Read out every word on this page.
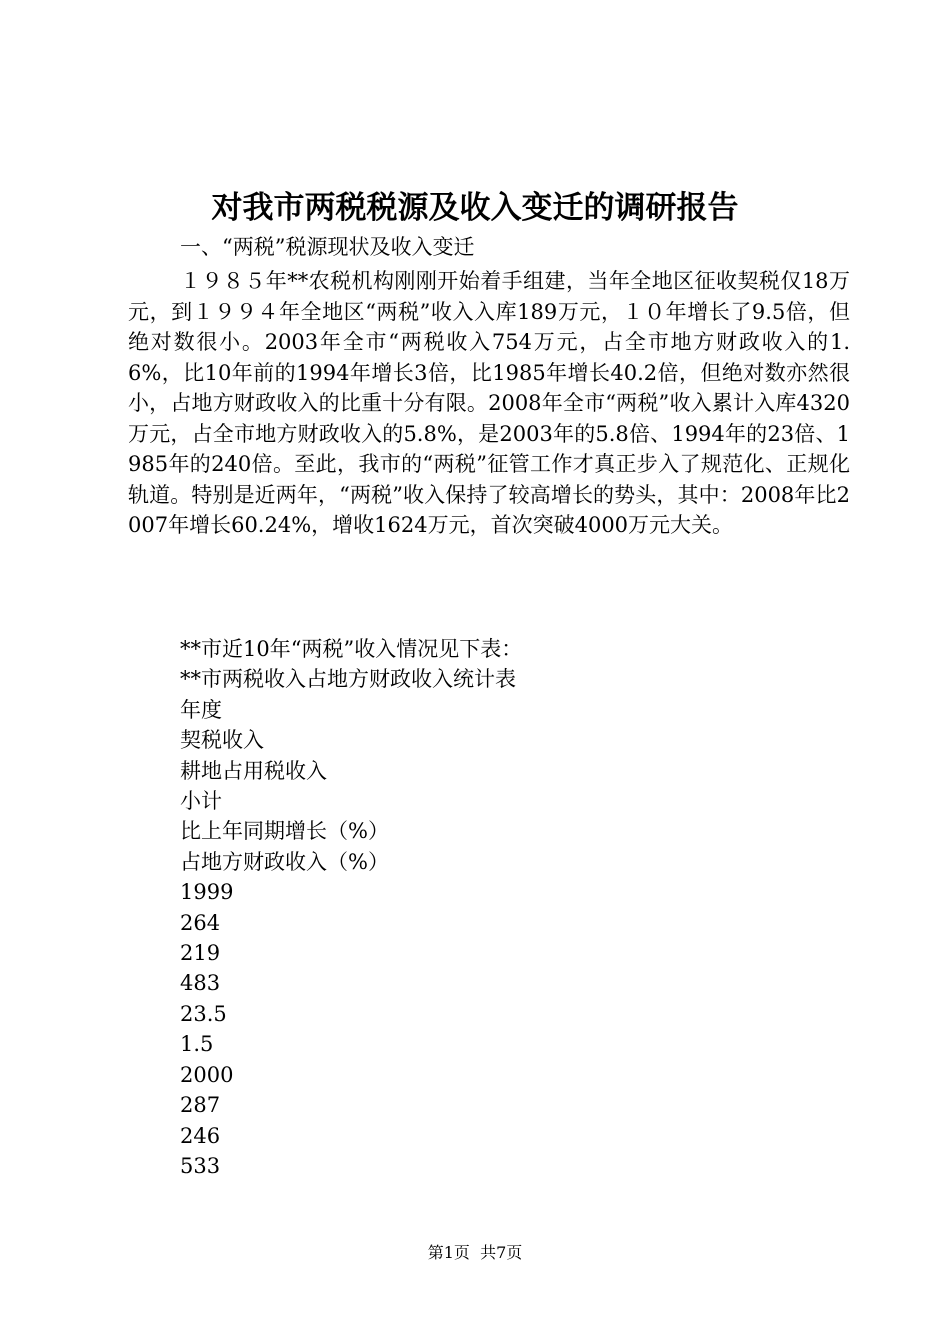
对我市两税税源及收入变迁的调研报告

一、“两税”税源现状及收入变迁

１９８５年**农税机构刚刚开始着手组建，当年全地区征收契税仅18万元，到１９９４年全地区“两税”收入入库189万元，１０年增长了9.5倍，但绝对数很小。2003年全市“两税收入754万元，占全市地方财政收入的1.6%，比10年前的1994年增长3倍，比1985年增长40.2倍，但绝对数亦然很小，占地方财政收入的比重十分有限。2008年全市“两税”收入累计入库4320万元，占全市地方财政收入的5.8%，是2003年的5.8倍、1994年的23倍、1985年的240倍。至此，我市的“两税”征管工作才真正步入了规范化、正规化轨道。特别是近两年，“两税”收入保持了较高增长的势头，其中：2008年比2007年增长60.24%，增收1624万元，首次突破4000万元大关。

**市近10年“两税”收入情况见下表：
**市两税收入占地方财政收入统计表
年度
契税收入
耕地占用税收入
小计
比上年同期增长（%）
占地方财政收入（%）
1999
264
219
483
23.5
1.5
2000
287
246
533
第1页 共7页
